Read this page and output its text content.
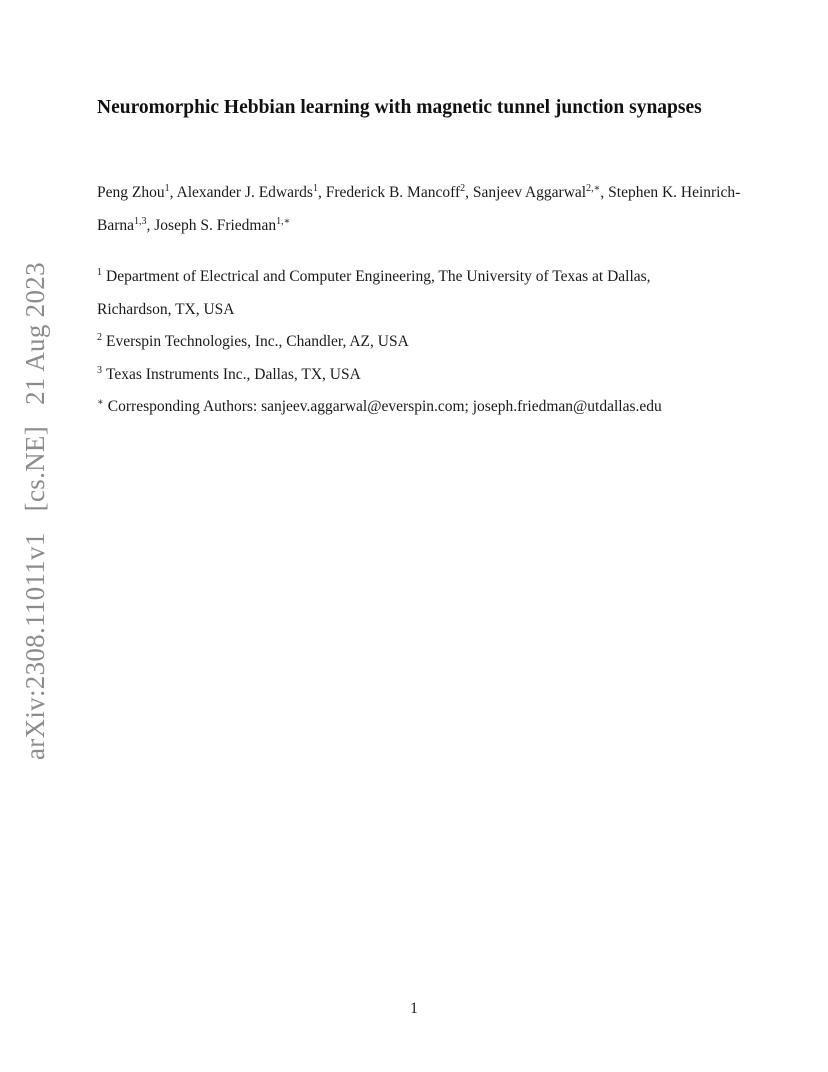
arXiv:2308.11011v1 [cs.NE] 21 Aug 2023
Neuromorphic Hebbian learning with magnetic tunnel junction synapses
Peng Zhou$^1$, Alexander J. Edwards$^1$, Frederick B. Mancoff$^2$, Sanjeev Aggarwal$^{2,∗}$, Stephen K. Heinrich-Barna$^{1,3}$, Joseph S. Friedman$^{1,∗}$
$^1$ Department of Electrical and Computer Engineering, The University of Texas at Dallas,
Richardson, TX, USA
$^2$ Everspin Technologies, Inc., Chandler, AZ, USA
$^3$ Texas Instruments Inc., Dallas, TX, USA
∗ Corresponding Authors: sanjeev.aggarwal@everspin.com; joseph.friedman@utdallas.edu
1
